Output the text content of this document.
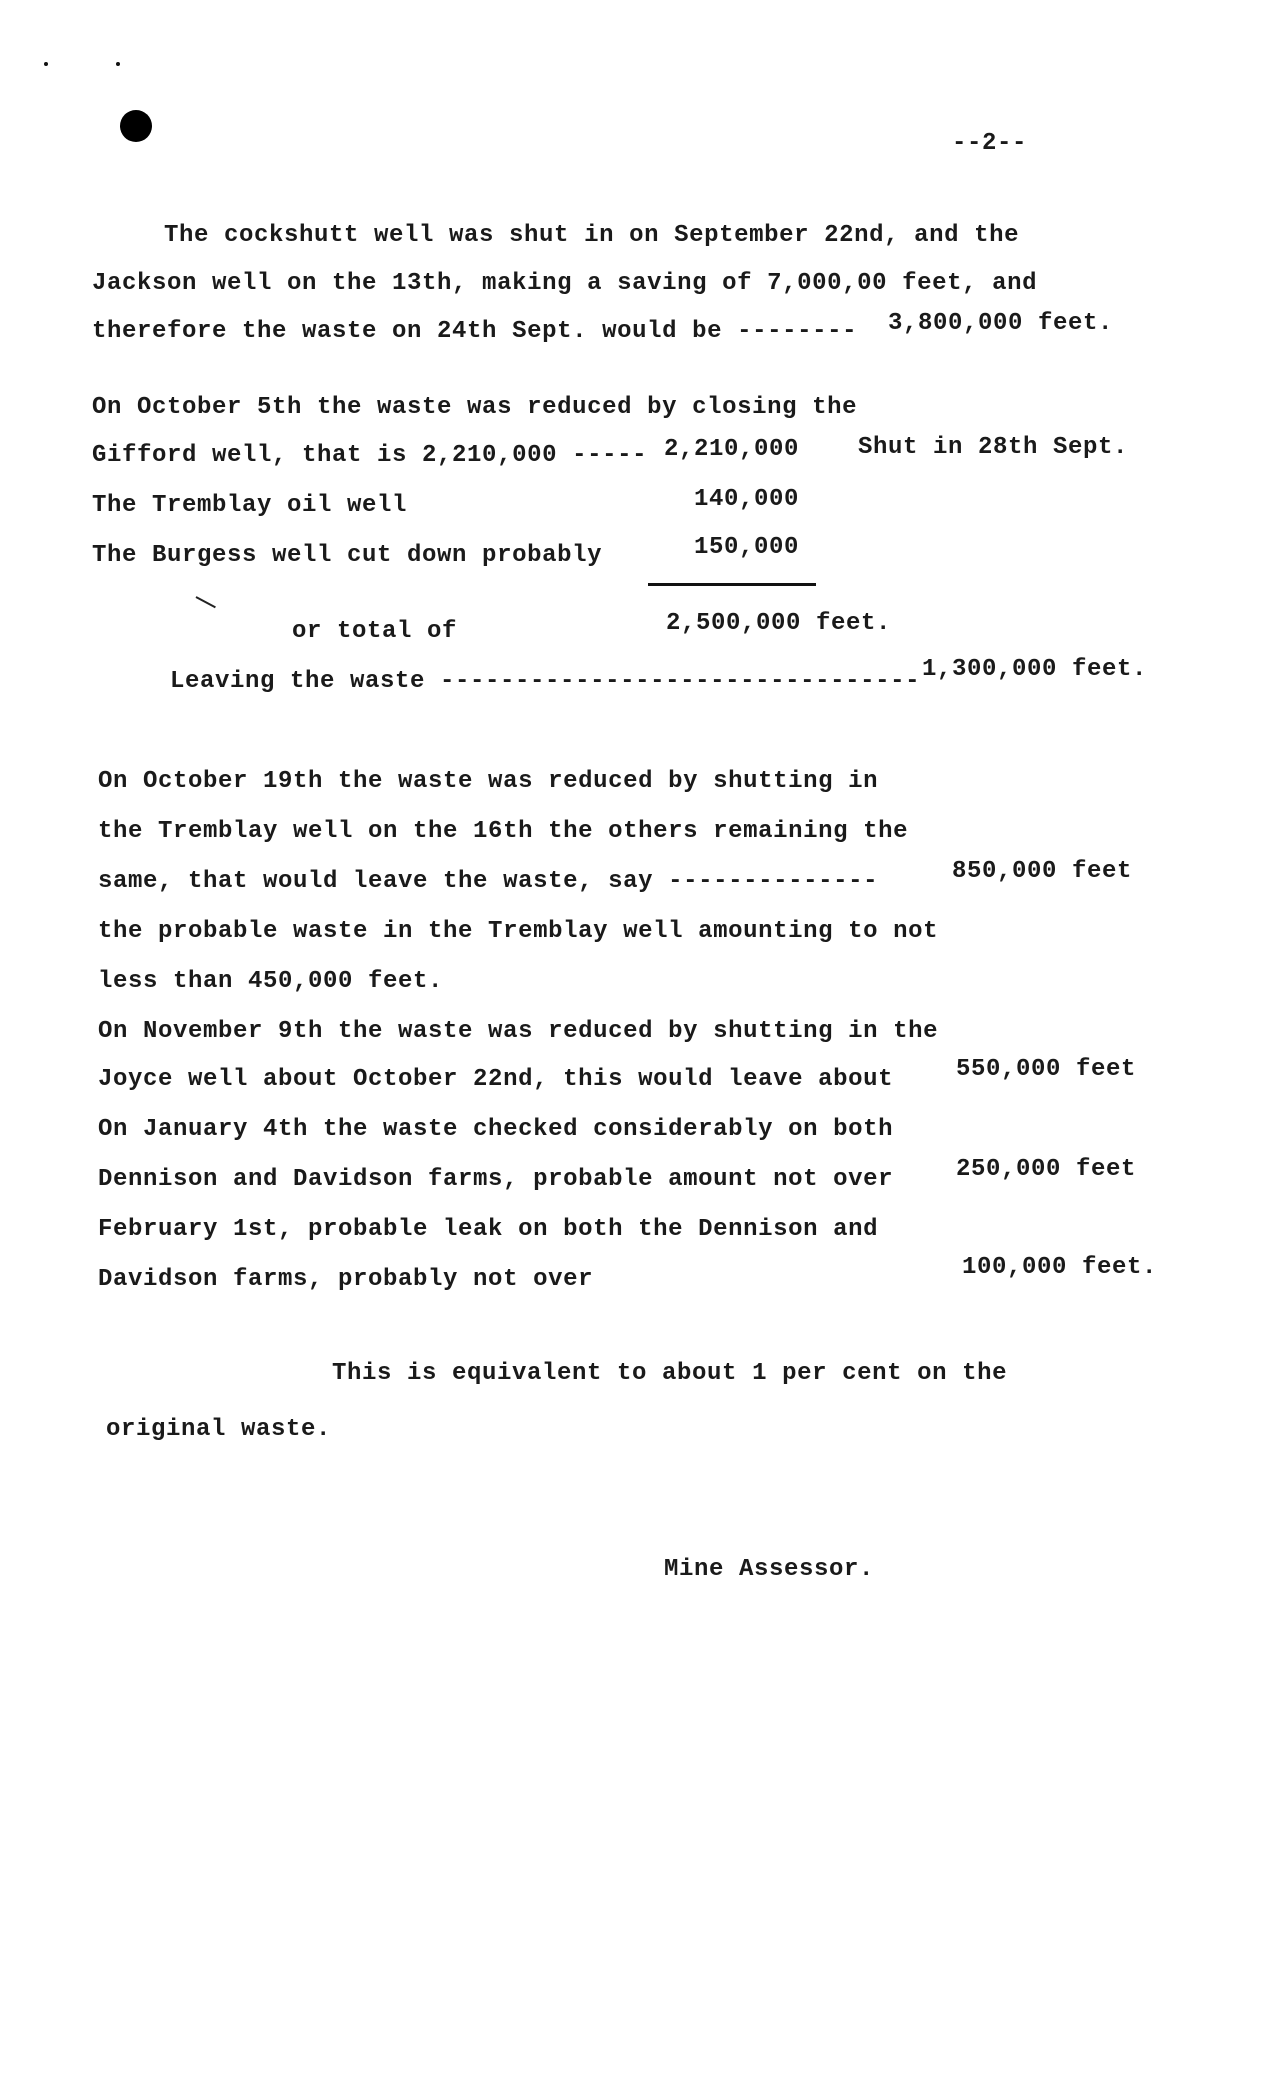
--2--
The cockshutt well was shut in on September 22nd, and the
Jackson well on the 13th, making a saving of 7,000,00 feet, and
therefore the waste on 24th Sept. would be -------- 3,800,000 feet.
On October 5th the waste was reduced by closing the
Gifford well, that is 2,210,000 ----- 2,210,000 Shut in 28th Sept.
The Tremblay oil well	140,000
The Burgess well cut down probably	150,000
or total of	2,500,000 feet.
Leaving the waste -------------------------------- 1,300,000 feet.
On October 19th the waste was reduced by shutting in
the Tremblay well on the 16th the others remaining the
same, that would leave the waste, say --------------	850,000 feet
the probable waste in the Tremblay well amounting to not
less than 450,000 feet.
On November 9th the waste was reduced by shutting in the
Joyce well about October 22nd, this would leave about	550,000 feet
On January 4th the waste checked considerably on both
Dennison and Davidson farms, probable amount not over	250,000 feet
February 1st, probable leak on both the Dennison and
Davidson farms, probably not over	100,000 feet.
This is equivalent to about 1 per cent on the
original waste.
Mine Assessor.
